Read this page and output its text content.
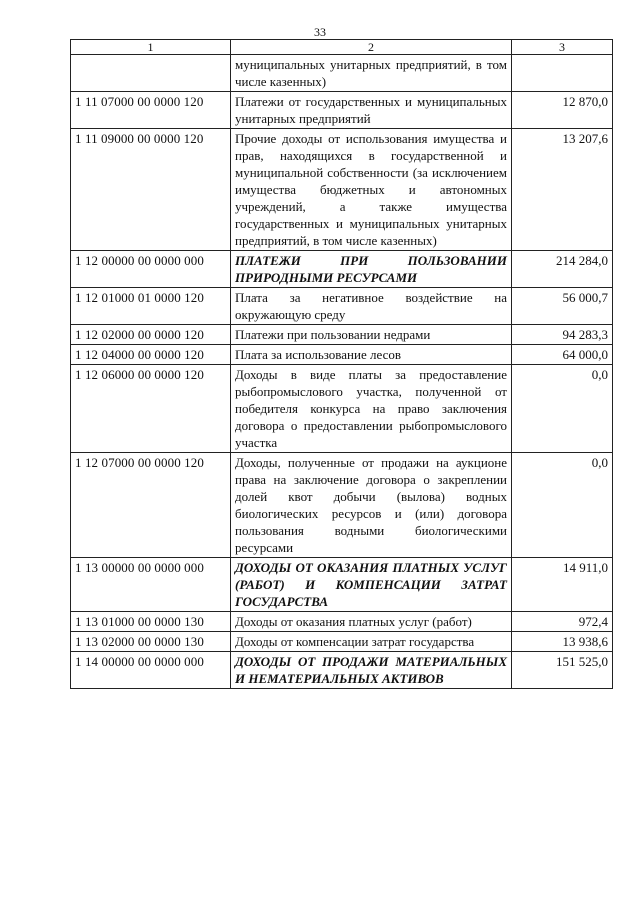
33
1	2	3
	муниципальных унитарных предприятий, в том числе казенных)	
1 11 07000 00 0000 120	Платежи от государственных и муниципальных унитарных предприятий	12 870,0
1 11 09000 00 0000 120	Прочие доходы от использования имущества и прав, находящихся в государственной и муниципальной собственности (за исключением имущества бюджетных и автономных учреждений, а также имущества государственных и муниципальных унитарных предприятий, в том числе казенных)	13 207,6
1 12 00000 00 0000 000	ПЛАТЕЖИ ПРИ ПОЛЬЗОВАНИИ ПРИРОДНЫМИ РЕСУРСАМИ	214 284,0
1 12 01000 01 0000 120	Плата за негативное воздействие на окружающую среду	56 000,7
1 12 02000 00 0000 120	Платежи при пользовании недрами	94 283,3
1 12 04000 00 0000 120	Плата за использование лесов	64 000,0
1 12 06000 00 0000 120	Доходы в виде платы за предоставление рыбопромыслового участка, полученной от победителя конкурса на право заключения договора о предоставлении рыбопромыслового участка	0,0
1 12 07000 00 0000 120	Доходы, полученные от продажи на аукционе права на заключение договора о закреплении долей квот добычи (вылова) водных биологических ресурсов и (или) договора пользования водными биологическими ресурсами	0,0
1 13 00000 00 0000 000	ДОХОДЫ ОТ ОКАЗАНИЯ ПЛАТНЫХ УСЛУГ (РАБОТ) И КОМПЕНСАЦИИ ЗАТРАТ ГОСУДАРСТВА	14 911,0
1 13 01000 00 0000 130	Доходы от оказания платных услуг (работ)	972,4
1 13 02000 00 0000 130	Доходы от компенсации затрат государства	13 938,6
1 14 00000 00 0000 000	ДОХОДЫ ОТ ПРОДАЖИ МАТЕРИАЛЬНЫХ И НЕМАТЕРИАЛЬНЫХ АКТИВОВ	151 525,0
